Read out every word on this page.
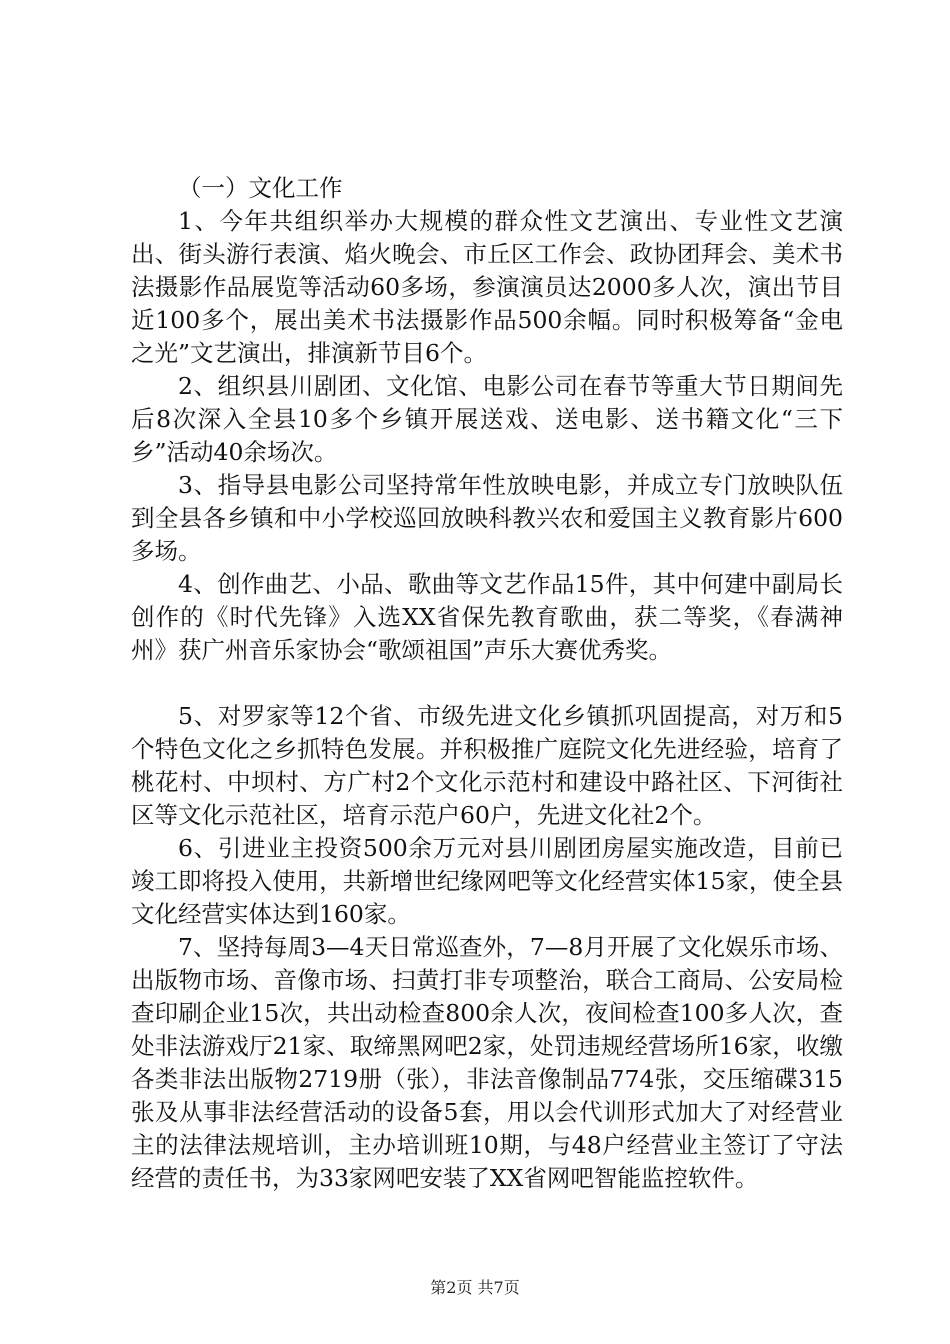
（一）文化工作

1、今年共组织举办大规模的群众性文艺演出、专业性文艺演出、街头游行表演、焰火晚会、市丘区工作会、政协团拜会、美术书法摄影作品展览等活动60多场，参演演员达2000多人次，演出节目近100多个，展出美术书法摄影作品500余幅。同时积极筹备“金电之光”文艺演出，排演新节目6个。

2、组织县川剧团、文化馆、电影公司在春节等重大节日期间先后8次深入全县10多个乡镇开展送戏、送电影、送书籍文化“三下乡”活动40余场次。

3、指导县电影公司坚持常年性放映电影，并成立专门放映队伍到全县各乡镇和中小学校巡回放映科教兴农和爱国主义教育影片600多场。

4、创作曲艺、小品、歌曲等文艺作品15件，其中何建中副局长创作的《时代先锋》入选XX省保先教育歌曲，获二等奖，《春满神州》获广州音乐家协会“歌颂祖国”声乐大赛优秀奖。

5、对罗家等12个省、市级先进文化乡镇抓巩固提高，对万和5个特色文化之乡抓特色发展。并积极推广庭院文化先进经验，培育了桃花村、中坝村、方广村2个文化示范村和建设中路社区、下河街社区等文化示范社区，培育示范户60户，先进文化社2个。

6、引进业主投资500余万元对县川剧团房屋实施改造，目前已竣工即将投入使用，共新增世纪缘网吧等文化经营实体15家，使全县文化经营实体达到160家。

7、坚持每周3—4天日常巡查外，7—8月开展了文化娱乐市场、出版物市场、音像市场、扫黄打非专项整治，联合工商局、公安局检查印刷企业15次，共出动检查800余人次，夜间检查100多人次，查处非法游戏厅21家、取缔黑网吧2家，处罚违规经营场所16家，收缴各类非法出版物2719册（张），非法音像制品774张，交压缩碟315张及从事非法经营活动的设备5套，用以会代训形式加大了对经营业主的法律法规培训，主办培训班10期，与48户经营业主签订了守法经营的责任书，为33家网吧安装了XX省网吧智能监控软件。

第2页 共7页
